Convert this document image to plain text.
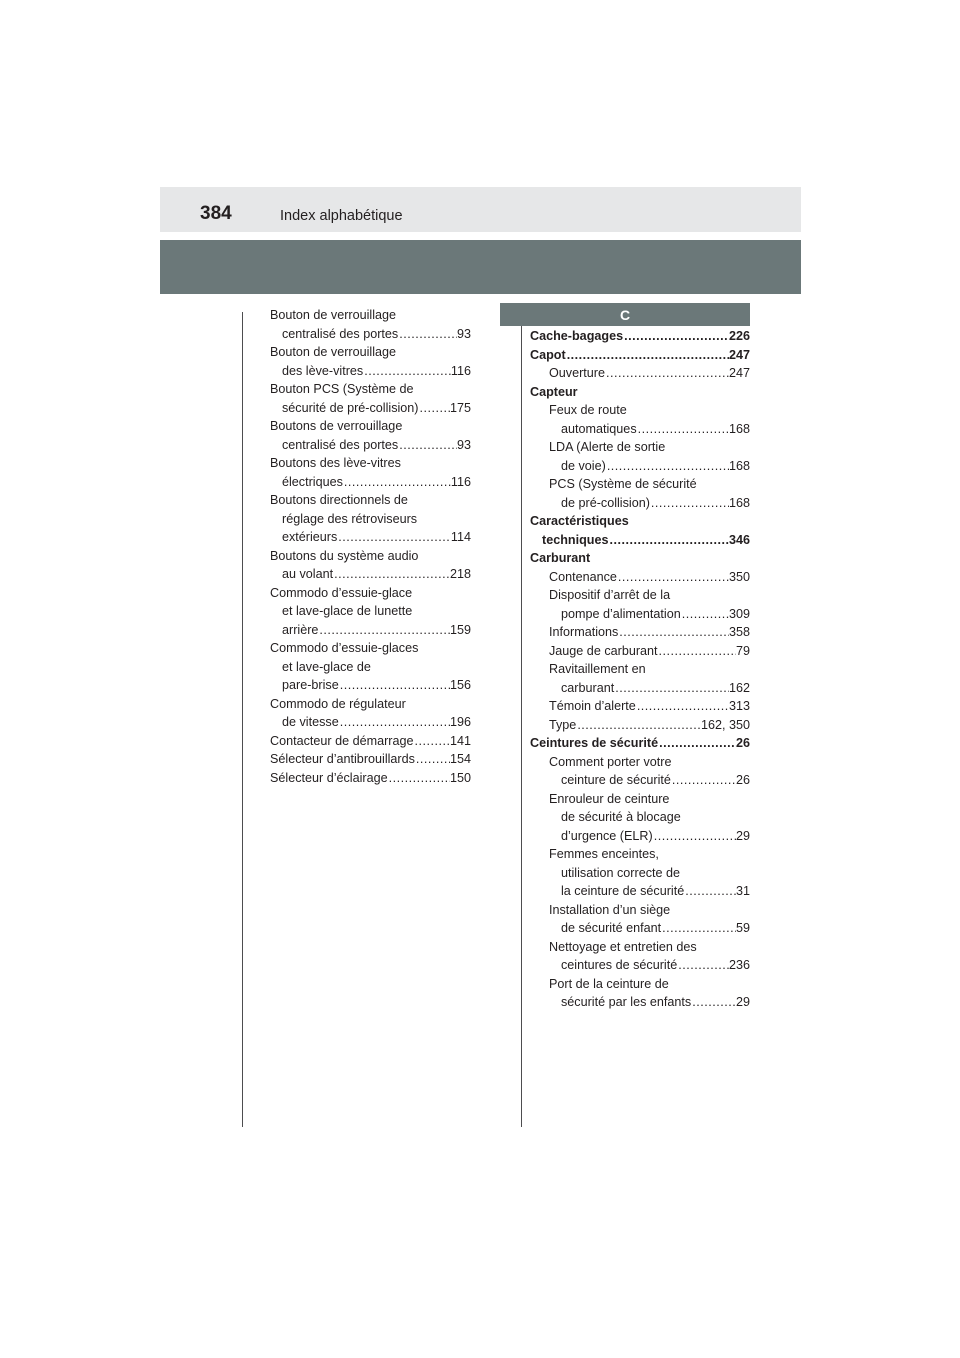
384	Index alphabétique
C
Bouton de verrouillage
centralisé des portes .....	93
Bouton de verrouillage
des lève-vitres .....	116
Bouton PCS (Système de
sécurité de pré-collision) ..... 175
Boutons de verrouillage
centralisé des portes .....	93
Boutons des lève-vitres
électriques .....	116
Boutons directionnels de
réglage des rétroviseurs
extérieurs .....	114
Boutons du système audio
au volant .....	218
Commodo d’essuie-glace
et lave-glace de lunette
arrière .....	159
Commodo d’essuie-glaces
et lave-glace de
pare-brise .....	156
Commodo de régulateur
de vitesse .....	196
Contacteur de démarrage .....	141
Sélecteur d’antibrouillards .....	154
Sélecteur d’éclairage .....	150
Cache-bagages .....	226
Capot .....	247
Ouverture .....	247
Capteur
Feux de route
automatiques .....	168
LDA (Alerte de sortie
de voie) .....	168
PCS (Système de sécurité
de pré-collision) .....	168
Caractéristiques
techniques .....	346
Carburant
Contenance .....	350
Dispositif d’arrêt de la
pompe d’alimentation .....	309
Informations .....	358
Jauge de carburant .....	79
Ravitaillement en
carburant .....	162
Témoin d’alerte .....	313
Type .....	162, 350
Ceintures de sécurité .....	26
Comment porter votre
ceinture de sécurité .....	26
Enrouleur de ceinture
de sécurité à blocage
d’urgence (ELR) .....	29
Femmes enceintes,
utilisation correcte de
la ceinture de sécurité .....	31
Installation d’un siège
de sécurité enfant .....	59
Nettoyage et entretien des
ceintures de sécurité .....	236
Port de la ceinture de
sécurité par les enfants .....	29
